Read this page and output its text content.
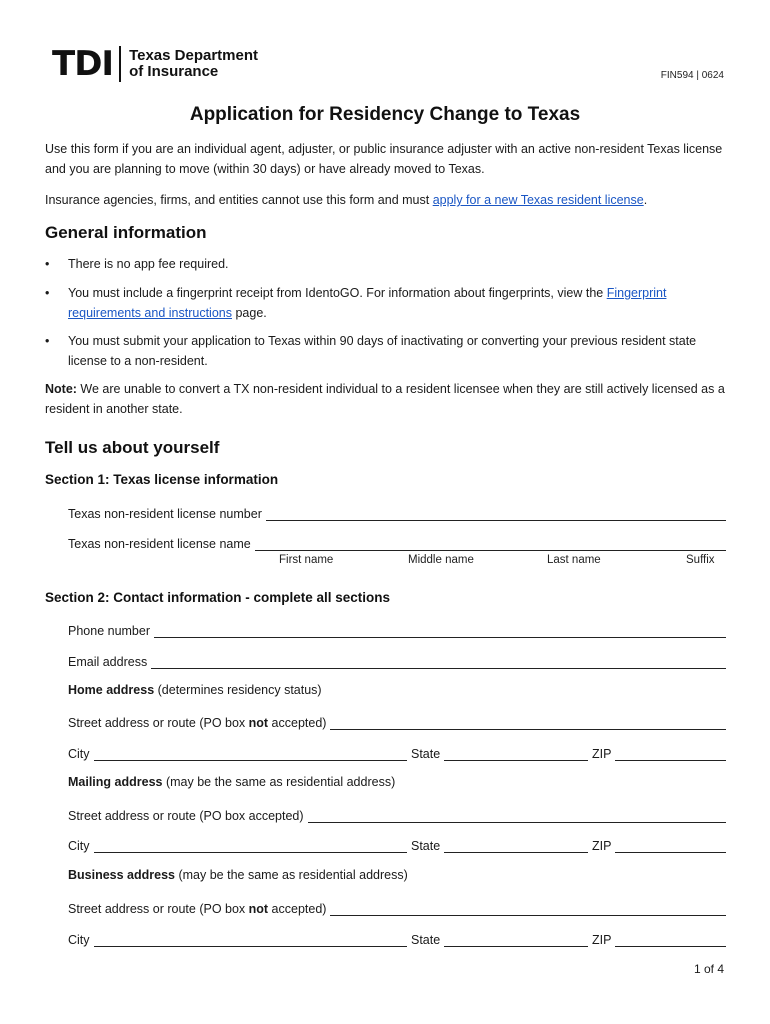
TDI Texas Department
of Insurance	FIN594 | 0624
Application for Residency Change to Texas

Use this form if you are an individual agent, adjuster, or public insurance adjuster with an active non-resident Texas license and you are planning to move (within 30 days) or have already moved to Texas.

Insurance agencies, firms, and entities cannot use this form and must apply for a new Texas resident license.

General information
• There is no app fee required.
• You must include a fingerprint receipt from IdentoGO. For information about fingerprints, view the Fingerprint requirements and instructions page.
• You must submit your application to Texas within 90 days of inactivating or converting your previous resident state license to a non-resident.

Note: We are unable to convert a TX non-resident individual to a resident licensee when they are still actively licensed as a resident in another state.

Tell us about yourself
Section 1: Texas license information
Texas non-resident license number
Texas non-resident license name
First name	Middle name	Last name	Suffix
Section 2: Contact information - complete all sections
Phone number
Email address
Home address (determines residency status)
Street address or route (PO box not accepted)
City	State	ZIP
Mailing address (may be the same as residential address)
Street address or route (PO box accepted)
City	State	ZIP
Business address (may be the same as residential address)
Street address or route (PO box not accepted)
City	State	ZIP
1 of 4
